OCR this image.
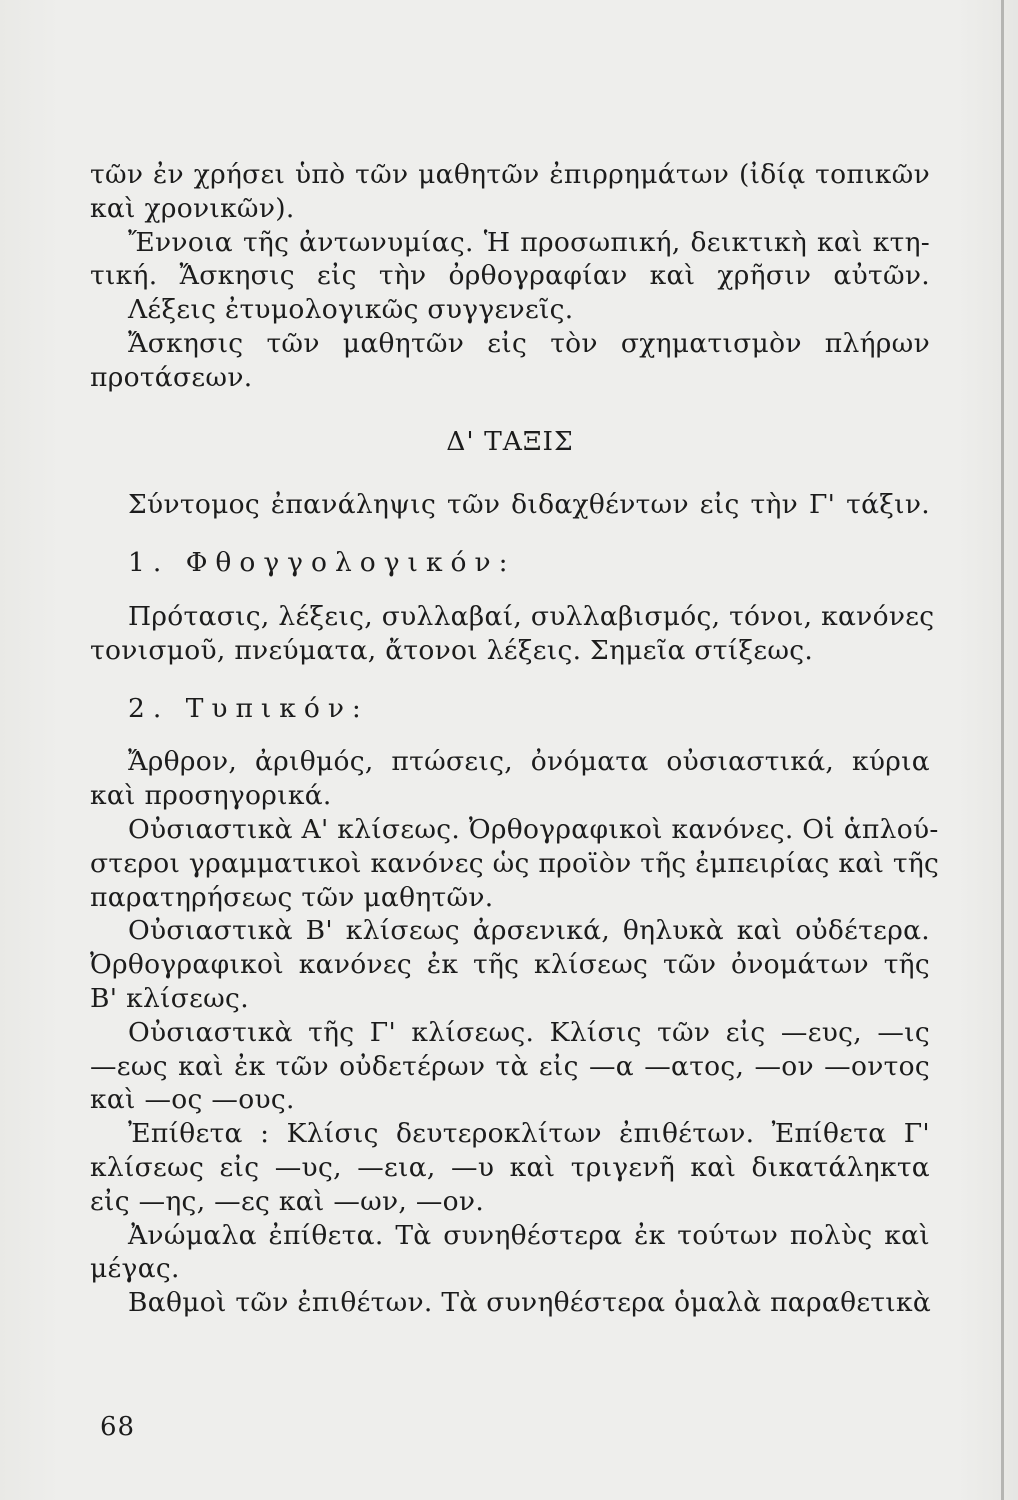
τῶν ἐν χρήσει ὑπὸ τῶν μαθητῶν ἐπιρρημάτων (ἰδίᾳ τοπικῶν
καὶ χρονικῶν).
Ἔννοια τῆς ἀντωνυμίας. Ἡ προσωπική, δεικτικὴ καὶ κτη-
τική. Ἄσκησις εἰς τὴν ὀρθογραφίαν καὶ χρῆσιν αὐτῶν.
Λέξεις ἐτυμολογικῶς συγγενεῖς.
Ἄσκησις τῶν μαθητῶν εἰς τὸν σχηματισμὸν πλήρων
προτάσεων.
Δ' ΤΑΞΙΣ
Σύντομος ἐπανάληψις τῶν διδαχθέντων εἰς τὴν Γ' τάξιν.
1. Φθογγολογικόν:
Πρότασις, λέξεις, συλλαβαί, συλλαβισμός, τόνοι, κανόνες
τονισμοῦ, πνεύματα, ἄτονοι λέξεις. Σημεῖα στίξεως.
2. Τυπικόν:
Ἄρθρον, ἀριθμός, πτώσεις, ὀνόματα οὐσιαστικά, κύρια
καὶ προσηγορικά.
Οὐσιαστικὰ Α' κλίσεως. Ὀρθογραφικοὶ κανόνες. Οἱ ἁπλού-
στεροι γραμματικοὶ κανόνες ὡς προϊὸν τῆς ἐμπειρίας καὶ τῆς
παρατηρήσεως τῶν μαθητῶν.
Οὐσιαστικὰ Β' κλίσεως ἀρσενικά, θηλυκὰ καὶ οὐδέτερα.
Ὀρθογραφικοὶ κανόνες ἐκ τῆς κλίσεως τῶν ὀνομάτων τῆς
Β' κλίσεως.
Οὐσιαστικὰ τῆς Γ' κλίσεως. Κλίσις τῶν εἰς —ευς, —ις
—εως καὶ ἐκ τῶν οὐδετέρων τὰ εἰς —α —ατος, —ον —οντος
καὶ —ος —ους.
Ἐπίθετα : Κλίσις δευτεροκλίτων ἐπιθέτων. Ἐπίθετα Γ'
κλίσεως εἰς —υς, —εια, —υ καὶ τριγενῆ καὶ δικατάληκτα
εἰς —ης, —ες καὶ —ων, —ον.
Ἀνώμαλα ἐπίθετα. Τὰ συνηθέστερα ἐκ τούτων πολὺς καὶ
μέγας.
Βαθμοὶ τῶν ἐπιθέτων. Τὰ συνηθέστερα ὁμαλὰ παραθετικὰ
68
